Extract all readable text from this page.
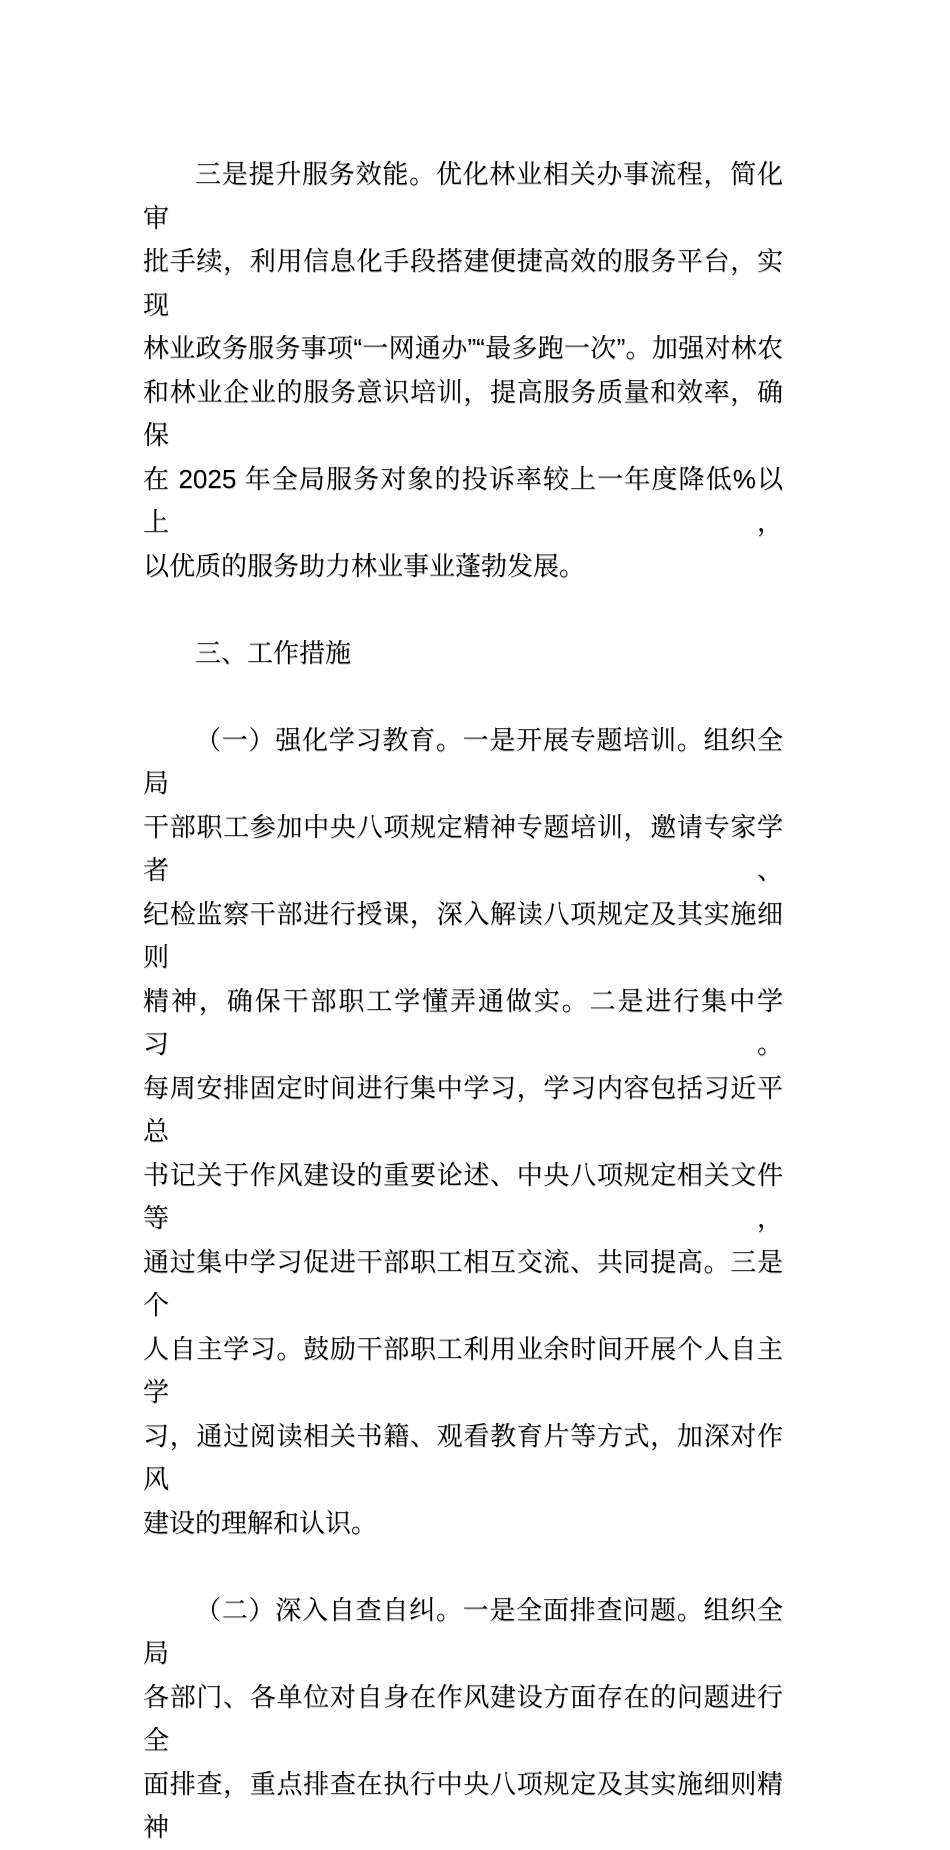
三是提升服务效能。优化林业相关办事流程，简化审
批手续，利用信息化手段搭建便捷高效的服务平台，实现
林业政务服务事项“一网通办”“最多跑一次”。加强对林农
和林业企业的服务意识培训，提高服务质量和效率，确保
在 2025 年全局服务对象的投诉率较上一年度降低%以上，
以优质的服务助力林业事业蓬勃发展。

三、工作措施

（一）强化学习教育。一是开展专题培训。组织全局
干部职工参加中央八项规定精神专题培训，邀请专家学者、
纪检监察干部进行授课，深入解读八项规定及其实施细则
精神，确保干部职工学懂弄通做实。二是进行集中学习。
每周安排固定时间进行集中学习，学习内容包括习近平总
书记关于作风建设的重要论述、中央八项规定相关文件等，
通过集中学习促进干部职工相互交流、共同提高。三是个
人自主学习。鼓励干部职工利用业余时间开展个人自主学
习，通过阅读相关书籍、观看教育片等方式，加深对作风
建设的理解和认识。

（二）深入自查自纠。一是全面排查问题。组织全局
各部门、各单位对自身在作风建设方面存在的问题进行全
面排查，重点排查在执行中央八项规定及其实施细则精神
